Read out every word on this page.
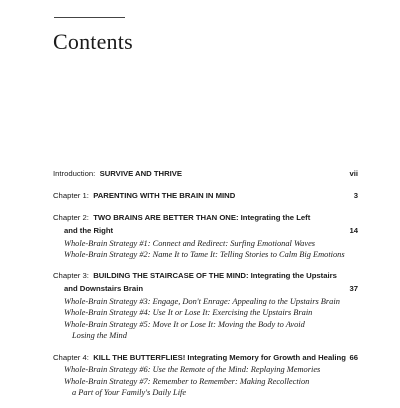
Contents
Introduction: SURVIVE AND THRIVE	vii
Chapter 1: PARENTING WITH THE BRAIN IN MIND	3
Chapter 2: TWO BRAINS ARE BETTER THAN ONE: Integrating the Left
and the Right	14
Whole-Brain Strategy #1: Connect and Redirect: Surfing Emotional Waves
Whole-Brain Strategy #2: Name It to Tame It: Telling Stories to Calm Big Emotions
Chapter 3: BUILDING THE STAIRCASE OF THE MIND: Integrating the Upstairs
and Downstairs Brain	37
Whole-Brain Strategy #3: Engage, Don't Enrage: Appealing to the Upstairs Brain
Whole-Brain Strategy #4: Use It or Lose It: Exercising the Upstairs Brain
Whole-Brain Strategy #5: Move It or Lose It: Moving the Body to Avoid
Losing the Mind
Chapter 4: KILL THE BUTTERFLIES! Integrating Memory for Growth and Healing 66
Whole-Brain Strategy #6: Use the Remote of the Mind: Replaying Memories
Whole-Brain Strategy #7: Remember to Remember: Making Recollection
a Part of Your Family's Daily Life
